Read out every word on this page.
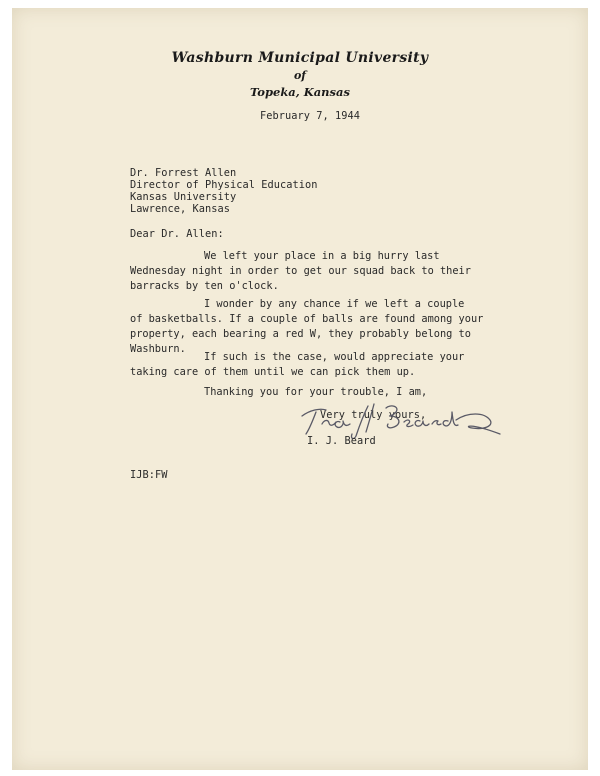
Washburn Municipal University
of
Topeka, Kansas
February 7, 1944
Dr. Forrest Allen
Director of Physical Education
Kansas University
Lawrence, Kansas
Dear Dr. Allen:
We left your place in a big hurry last
Wednesday night in order to get our squad back to their
barracks by ten o'clock.
I wonder by any chance if we left a couple
of basketballs. If a couple of balls are found among your
property, each bearing a red W, they probably belong to
Washburn.
If such is the case, would appreciate your
taking care of them until we can pick them up.
Thanking you for your trouble, I am,
Very truly yours,
I. J. Beard
IJB:FW
